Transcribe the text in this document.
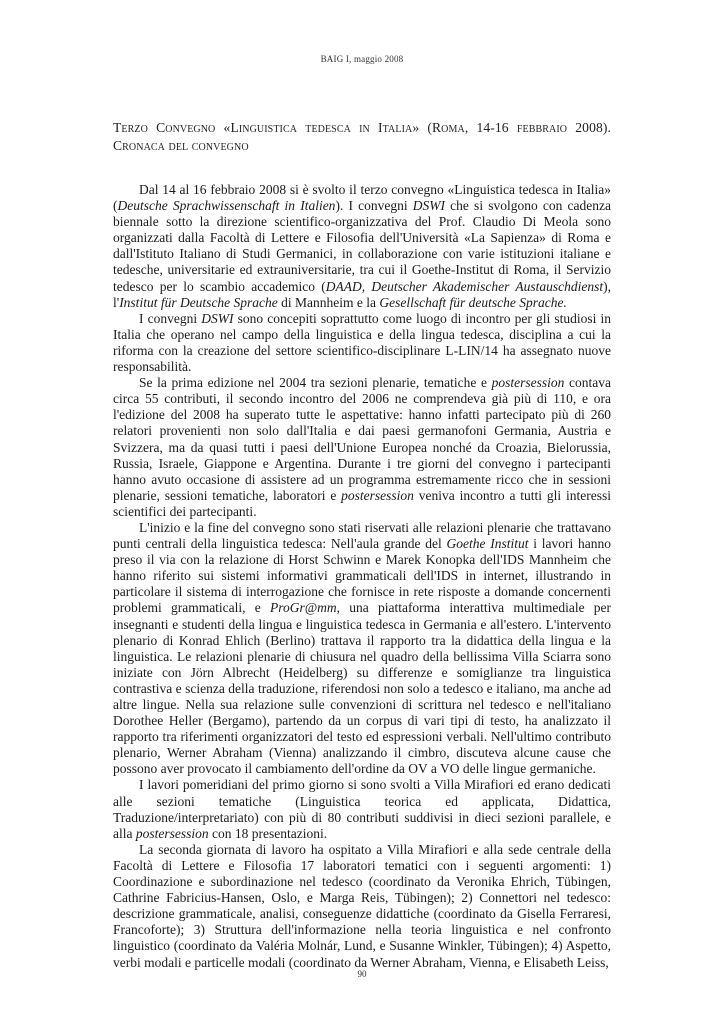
BAIG I, maggio 2008
Terzo Convegno «Linguistica tedesca in Italia» (Roma, 14-16 febbraio 2008). Cronaca del convegno

Dal 14 al 16 febbraio 2008 si è svolto il terzo convegno «Linguistica tedesca in Italia» (Deutsche Sprachwissenschaft in Italien). I convegni DSWI che si svolgono con cadenza biennale sotto la direzione scientifico-organizzativa del Prof. Claudio Di Meola sono organizzati dalla Facoltà di Lettere e Filosofia dell'Università «La Sapienza» di Roma e dall'Istituto Italiano di Studi Germanici, in collaborazione con varie istituzioni italiane e tedesche, universitarie ed extrauniversitarie, tra cui il Goethe-Institut di Roma, il Servizio tedesco per lo scambio accademico (DAAD, Deutscher Akademischer Austauschdienst), l'Institut für Deutsche Sprache di Mannheim e la Gesellschaft für deutsche Sprache.

I convegni DSWI sono concepiti soprattutto come luogo di incontro per gli studiosi in Italia che operano nel campo della linguistica e della lingua tedesca, disciplina a cui la riforma con la creazione del settore scientifico-disciplinare L-LIN/14 ha assegnato nuove responsabilità.

Se la prima edizione nel 2004 tra sezioni plenarie, tematiche e postersession contava circa 55 contributi, il secondo incontro del 2006 ne comprendeva già più di 110, e ora l'edizione del 2008 ha superato tutte le aspettative: hanno infatti partecipato più di 260 relatori provenienti non solo dall'Italia e dai paesi germanofoni Germania, Austria e Svizzera, ma da quasi tutti i paesi dell'Unione Europea nonché da Croazia, Bielorussia, Russia, Israele, Giappone e Argentina. Durante i tre giorni del convegno i partecipanti hanno avuto occasione di assistere ad un programma estremamente ricco che in sessioni plenarie, sessioni tematiche, laboratori e postersession veniva incontro a tutti gli interessi scientifici dei partecipanti.

L'inizio e la fine del convegno sono stati riservati alle relazioni plenarie che trattavano punti centrali della linguistica tedesca: Nell'aula grande del Goethe Institut i lavori hanno preso il via con la relazione di Horst Schwinn e Marek Konopka dell'IDS Mannheim che hanno riferito sui sistemi informativi grammaticali dell'IDS in internet, illustrando in particolare il sistema di interrogazione che fornisce in rete risposte a domande concernenti problemi grammaticali, e ProGr@mm, una piattaforma interattiva multimediale per insegnanti e studenti della lingua e linguistica tedesca in Germania e all'estero. L'intervento plenario di Konrad Ehlich (Berlino) trattava il rapporto tra la didattica della lingua e la linguistica. Le relazioni plenarie di chiusura nel quadro della bellissima Villa Sciarra sono iniziate con Jörn Albrecht (Heidelberg) su differenze e somiglianze tra linguistica contrastiva e scienza della traduzione, riferendosi non solo a tedesco e italiano, ma anche ad altre lingue. Nella sua relazione sulle convenzioni di scrittura nel tedesco e nell'italiano Dorothee Heller (Bergamo), partendo da un corpus di vari tipi di testo, ha analizzato il rapporto tra riferimenti organizzatori del testo ed espressioni verbali. Nell'ultimo contributo plenario, Werner Abraham (Vienna) analizzando il cimbro, discuteva alcune cause che possono aver provocato il cambiamento dell'ordine da OV a VO delle lingue germaniche.

I lavori pomeridiani del primo giorno si sono svolti a Villa Mirafiori ed erano dedicati alle sezioni tematiche (Linguistica teorica ed applicata, Didattica, Traduzione/interpretariato) con più di 80 contributi suddivisi in dieci sezioni parallele, e alla postersession con 18 presentazioni.

La seconda giornata di lavoro ha ospitato a Villa Mirafiori e alla sede centrale della Facoltà di Lettere e Filosofia 17 laboratori tematici con i seguenti argomenti: 1) Coordinazione e subordinazione nel tedesco (coordinato da Veronika Ehrich, Tübingen, Cathrine Fabricius-Hansen, Oslo, e Marga Reis, Tübingen); 2) Connettori nel tedesco: descrizione grammaticale, analisi, conseguenze didattiche (coordinato da Gisella Ferraresi, Francoforte); 3) Struttura dell'informazione nella teoria linguistica e nel confronto linguistico (coordinato da Valéria Molnár, Lund, e Susanne Winkler, Tübingen); 4) Aspetto, verbi modali e particelle modali (coordinato da Werner Abraham, Vienna, e Elisabeth Leiss,

90
